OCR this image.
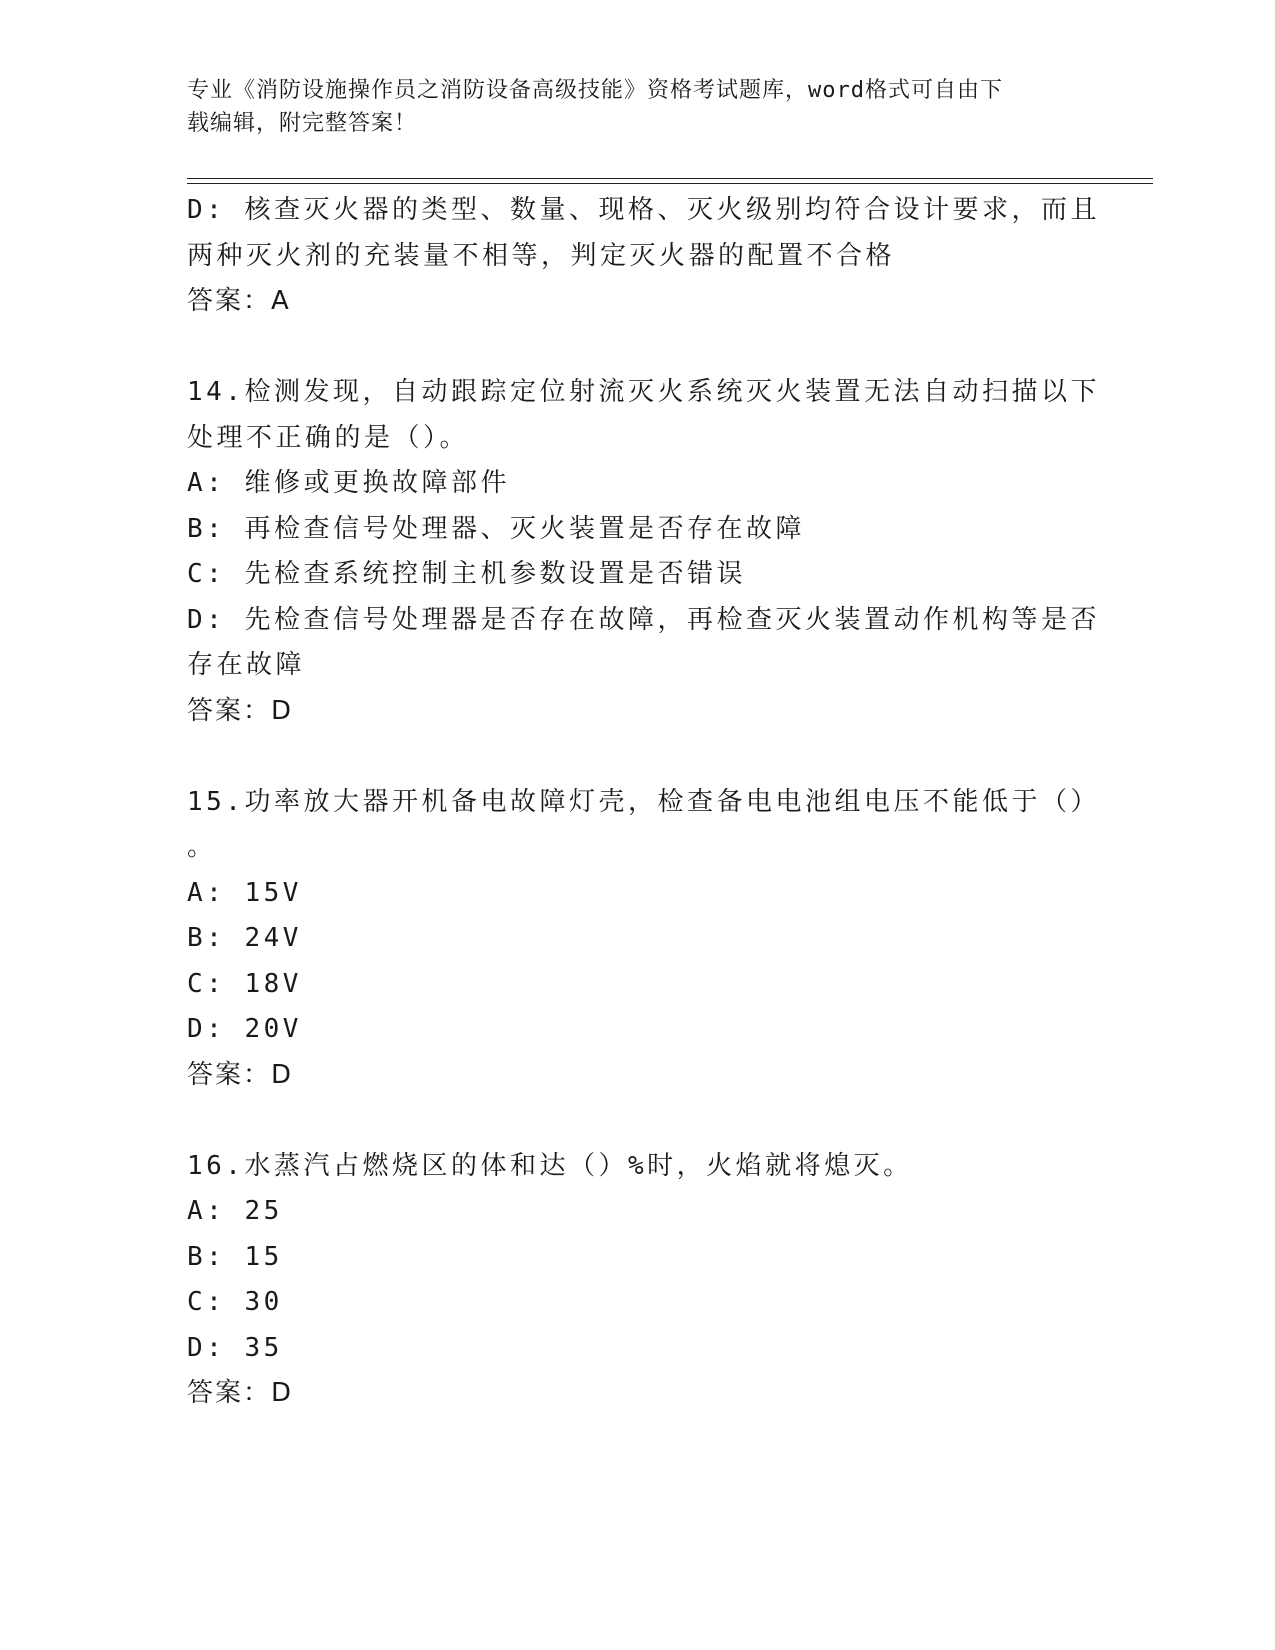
专业《消防设施操作员之消防设备高级技能》资格考试题库，word格式可自由下
载编辑，附完整答案！
D: 核查灭火器的类型、数量、现格、灭火级别均符合设计要求，而且
两种灭火剂的充装量不相等，判定灭火器的配置不合格
答案：A
14.检测发现，自动跟踪定位射流灭火系统灭火装置无法自动扫描以下
处理不正确的是（）。
A: 维修或更换故障部件
B: 再检查信号处理器、灭火装置是否存在故障
C: 先检查系统控制主机参数设置是否错误
D: 先检查信号处理器是否存在故障，再检查灭火装置动作机构等是否
存在故障
答案：D
15.功率放大器开机备电故障灯壳，检查备电电池组电压不能低于（）
。
A: 15V
B: 24V
C: 18V
D: 20V
答案：D
16.水蒸汽占燃烧区的体和达（）%时，火焰就将熄灭。
A: 25
B: 15
C: 30
D: 35
答案：D
